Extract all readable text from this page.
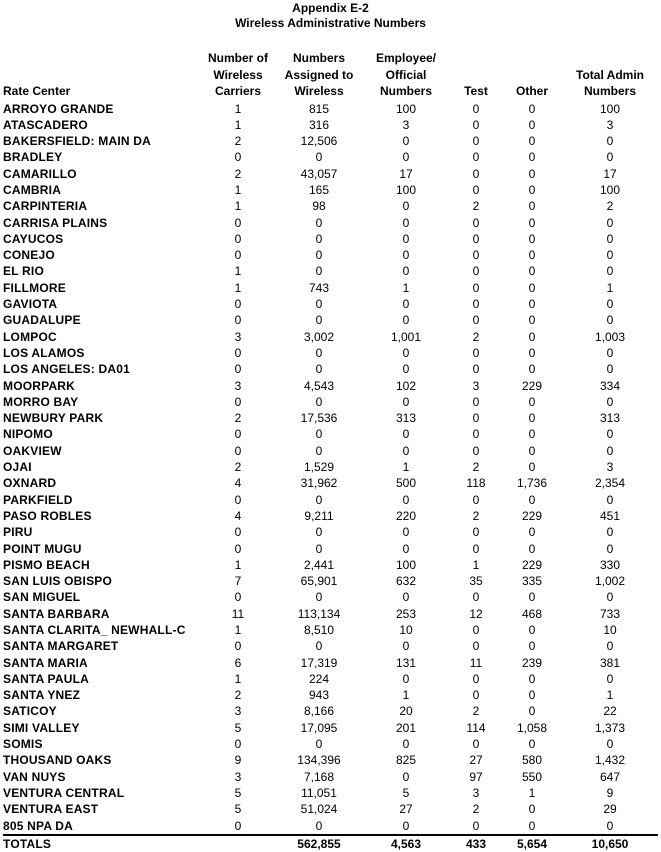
Appendix E-2
Wireless Administrative Numbers
Rate Center	Number of Wireless Carriers	Numbers Assigned to Wireless	Employee/ Official Numbers	Test	Other	Total Admin Numbers
ARROYO GRANDE	1	815	100	0	0	100
ATASCADERO	1	316	3	0	0	3
BAKERSFIELD: MAIN DA	2	12,506	0	0	0	0
BRADLEY	0	0	0	0	0	0
CAMARILLO	2	43,057	17	0	0	17
CAMBRIA	1	165	100	0	0	100
CARPINTERIA	1	98	0	2	0	2
CARRISA PLAINS	0	0	0	0	0	0
CAYUCOS	0	0	0	0	0	0
CONEJO	0	0	0	0	0	0
EL RIO	1	0	0	0	0	0
FILLMORE	1	743	1	0	0	1
GAVIOTA	0	0	0	0	0	0
GUADALUPE	0	0	0	0	0	0
LOMPOC	3	3,002	1,001	2	0	1,003
LOS ALAMOS	0	0	0	0	0	0
LOS ANGELES: DA01	0	0	0	0	0	0
MOORPARK	3	4,543	102	3	229	334
MORRO BAY	0	0	0	0	0	0
NEWBURY PARK	2	17,536	313	0	0	313
NIPOMO	0	0	0	0	0	0
OAKVIEW	0	0	0	0	0	0
OJAI	2	1,529	1	2	0	3
OXNARD	4	31,962	500	118	1,736	2,354
PARKFIELD	0	0	0	0	0	0
PASO ROBLES	4	9,211	220	2	229	451
PIRU	0	0	0	0	0	0
POINT MUGU	0	0	0	0	0	0
PISMO BEACH	1	2,441	100	1	229	330
SAN LUIS OBISPO	7	65,901	632	35	335	1,002
SAN MIGUEL	0	0	0	0	0	0
SANTA BARBARA	11	113,134	253	12	468	733
SANTA CLARITA_ NEWHALL-C	1	8,510	10	0	0	10
SANTA MARGARET	0	0	0	0	0	0
SANTA MARIA	6	17,319	131	11	239	381
SANTA PAULA	1	224	0	0	0	0
SANTA YNEZ	2	943	1	0	0	1
SATICOY	3	8,166	20	2	0	22
SIMI VALLEY	5	17,095	201	114	1,058	1,373
SOMIS	0	0	0	0	0	0
THOUSAND OAKS	9	134,396	825	27	580	1,432
VAN NUYS	3	7,168	0	97	550	647
VENTURA CENTRAL	5	11,051	5	3	1	9
VENTURA EAST	5	51,024	27	2	0	29
805 NPA DA	0	0	0	0	0	0
TOTALS		562,855	4,563	433	5,654	10,650
